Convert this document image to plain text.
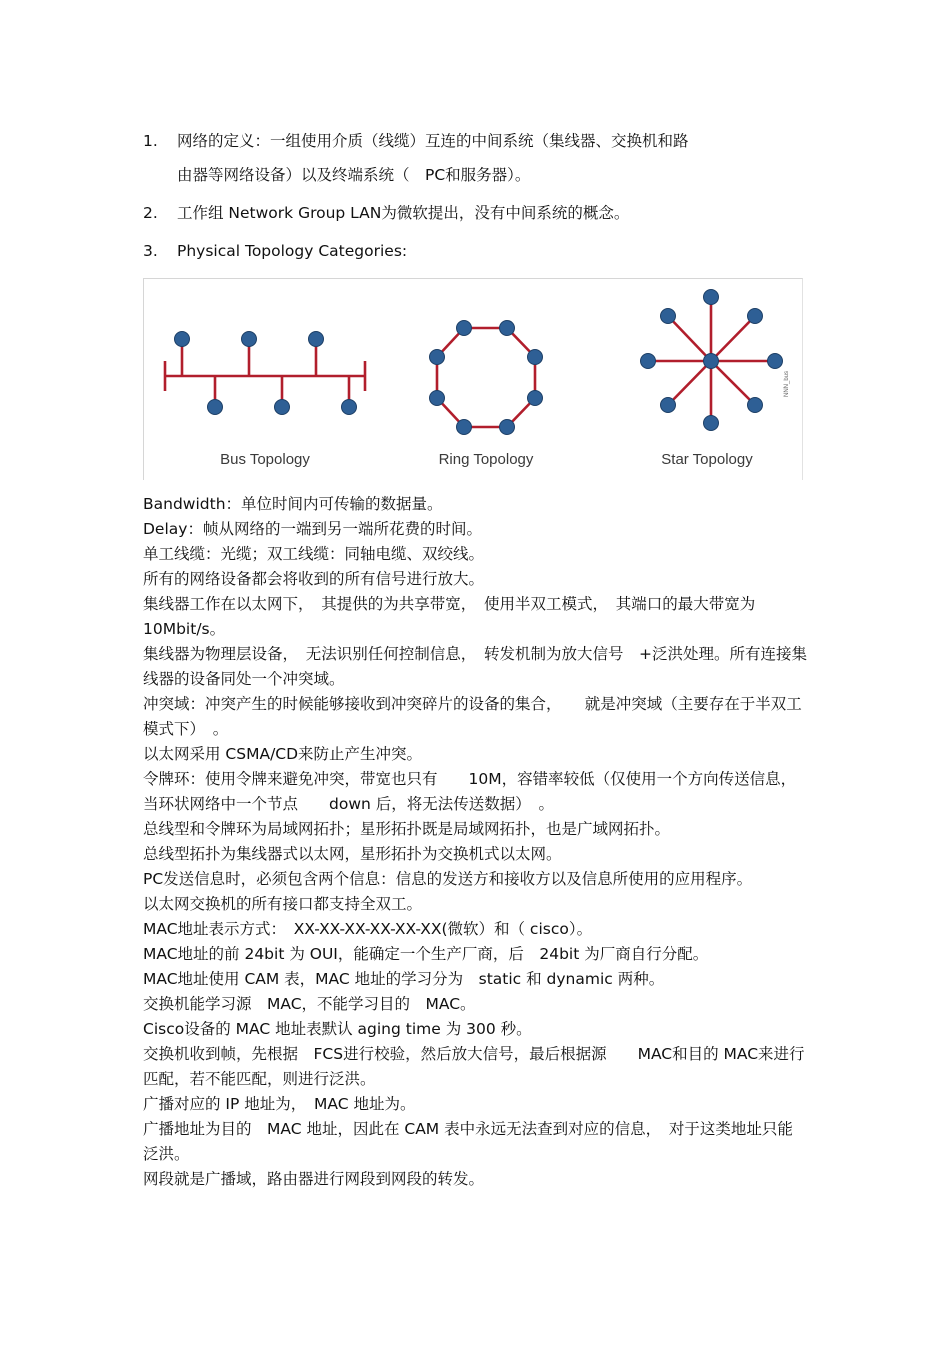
1. 网络的定义：一组使用介质（线缆）互连的中间系统（集线器、交换机和路
由器等网络设备）以及终端系统（　PC和服务器）。
2. 工作组 Network Group LAN为微软提出，没有中间系统的概念。
3. Physical Topology Categories:
NNN_bus
Bus Topology	Ring Topology	Star Topology

Bandwidth：单位时间内可传输的数据量。

Delay：帧从网络的一端到另一端所花费的时间。

单工线缆：光缆；双工线缆：同轴电缆、双绞线。

所有的网络设备都会将收到的所有信号进行放大。

集线器工作在以太网下，　其提供的为共享带宽，　使用半双工模式，　其端口的最大带宽为 10Mbit/s。

集线器为物理层设备，　无法识别任何控制信息，　转发机制为放大信号　+泛洪处理。所有连接集线器的设备同处一个冲突域。

冲突域：冲突产生的时候能够接收到冲突碎片的设备的集合，　　就是冲突域（主要存在于半双工模式下）　。

以太网采用 CSMA/CD来防止产生冲突。

令牌环：使用令牌来避免冲突，带宽也只有　　10M，容错率较低（仅使用一个方向传送信息，当环状网络中一个节点　　down 后，将无法传送数据）　。

总线型和令牌环为局域网拓扑；星形拓扑既是局域网拓扑，也是广域网拓扑。

总线型拓扑为集线器式以太网，星形拓扑为交换机式以太网。

PC发送信息时，必须包含两个信息：信息的发送方和接收方以及信息所使用的应用程序。

以太网交换机的所有接口都支持全双工。

MAC地址表示方式：　XX-XX-XX-XX-XX-XX(微软）和（ cisco）。

MAC地址的前 24bit 为 OUI，能确定一个生产厂商，后　24bit 为厂商自行分配。

MAC地址使用 CAM 表，MAC 地址的学习分为　static 和 dynamic 两种。

交换机能学习源　MAC，不能学习目的　MAC。

Cisco设备的 MAC 地址表默认 aging time 为 300 秒。

交换机收到帧，先根据　FCS进行校验，然后放大信号，最后根据源　　MAC和目的 MAC来进行匹配，若不能匹配，则进行泛洪。

广播对应的 IP 地址为，　MAC 地址为。

广播地址为目的　MAC 地址，因此在 CAM 表中永远无法查到对应的信息，　对于这类地址只能泛洪。

网段就是广播域，路由器进行网段到网段的转发。
